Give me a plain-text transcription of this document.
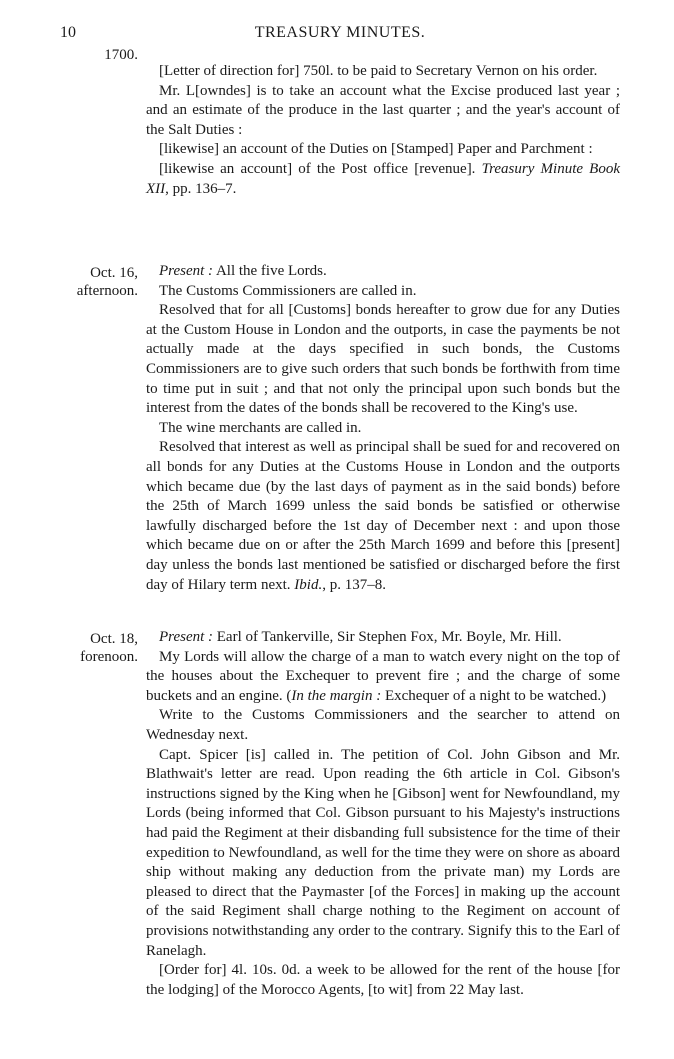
10	TREASURY MINUTES.
1700.

[Letter of direction for] 750l. to be paid to Secretary Vernon on his order.

Mr. L[owndes] is to take an account what the Excise produced last year ; and an estimate of the produce in the last quarter ; and the year's account of the Salt Duties :

[likewise] an account of the Duties on [Stamped] Paper and Parchment :

[likewise an account] of the Post office [revenue]. Treasury Minute Book XII, pp. 136–7.

Oct. 16,
afternoon.

Present : All the five Lords.

The Customs Commissioners are called in.

Resolved that for all [Customs] bonds hereafter to grow due for any Duties at the Custom House in London and the outports, in case the payments be not actually made at the days specified in such bonds, the Customs Commissioners are to give such orders that such bonds be forthwith from time to time put in suit ; and that not only the principal upon such bonds but the interest from the dates of the bonds shall be recovered to the King's use.

The wine merchants are called in.

Resolved that interest as well as principal shall be sued for and recovered on all bonds for any Duties at the Customs House in London and the outports which became due (by the last days of payment as in the said bonds) before the 25th of March 1699 unless the said bonds be satisfied or otherwise lawfully discharged before the 1st day of December next : and upon those which became due on or after the 25th March 1699 and before this [present] day unless the bonds last mentioned be satisfied or discharged before the first day of Hilary term next. Ibid., p. 137–8.

Oct. 18,
forenoon.

Present : Earl of Tankerville, Sir Stephen Fox, Mr. Boyle, Mr. Hill.

My Lords will allow the charge of a man to watch every night on the top of the houses about the Exchequer to prevent fire ; and the charge of some buckets and an engine. (In the margin : Exchequer of a night to be watched.)

Write to the Customs Commissioners and the searcher to attend on Wednesday next.

Capt. Spicer [is] called in. The petition of Col. John Gibson and Mr. Blathwait's letter are read. Upon reading the 6th article in Col. Gibson's instructions signed by the King when he [Gibson] went for Newfoundland, my Lords (being informed that Col. Gibson pursuant to his Majesty's instructions had paid the Regiment at their disbanding full subsistence for the time of their expedition to Newfoundland, as well for the time they were on shore as aboard ship without making any deduction from the private man) my Lords are pleased to direct that the Paymaster [of the Forces] in making up the account of the said Regiment shall charge nothing to the Regiment on account of provisions notwithstanding any order to the contrary. Signify this to the Earl of Ranelagh.

[Order for] 4l. 10s. 0d. a week to be allowed for the rent of the house [for the lodging] of the Morocco Agents, [to wit] from 22 May last.
